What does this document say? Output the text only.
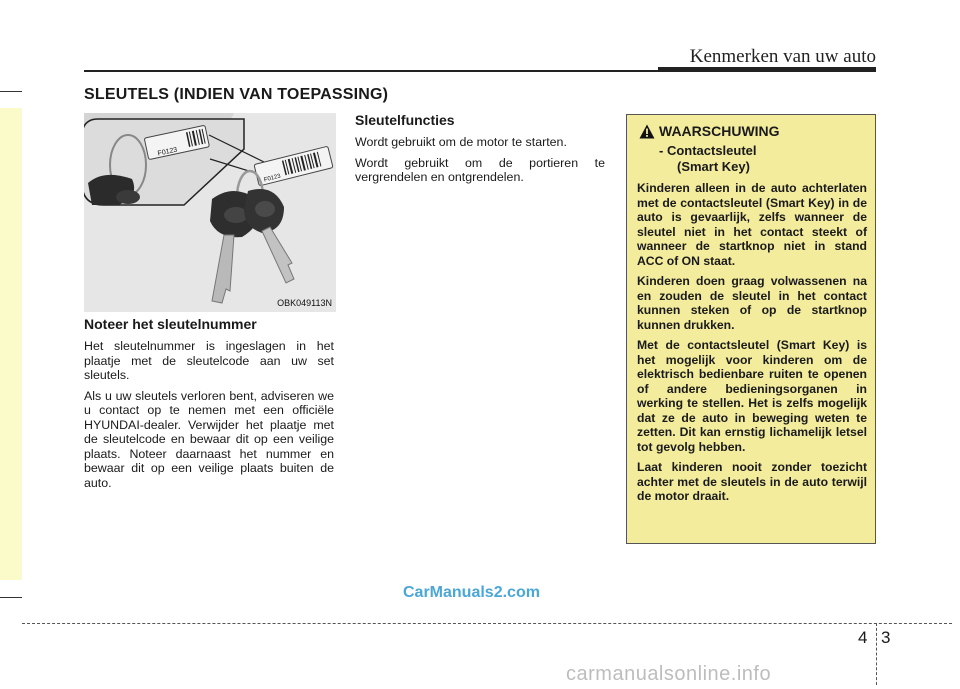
Kenmerken van uw auto
SLEUTELS (INDIEN VAN TOEPASSING)
F0123
F0123
OBK049113N
Noteer het sleutelnummer

Het sleutelnummer is ingeslagen in het plaatje met de sleutelcode aan uw set sleutels.

Als u uw sleutels verloren bent, adviseren we u contact op te nemen met een officiële HYUNDAI-dealer. Verwijder het plaatje met de sleutelcode en bewaar dit op een veilige plaats. Noteer daarnaast het nummer en bewaar dit op een veilige plaats buiten de auto.

Sleutelfuncties

Wordt gebruikt om de motor te starten.

Wordt gebruikt om de portieren te vergrendelen en ontgrendelen.

WAARSCHUWING
- Contactsleutel
(Smart Key)

Kinderen alleen in de auto achterlaten met de contactsleutel (Smart Key) in de auto is gevaarlijk, zelfs wanneer de sleutel niet in het contact steekt of wanneer de startknop niet in stand ACC of ON staat.

Kinderen doen graag volwassenen na en zouden de sleutel in het contact kunnen steken of op de startknop kunnen drukken.

Met de contactsleutel (Smart Key) is het mogelijk voor kinderen om de elektrisch bedienbare ruiten te openen of andere bedieningsorganen in werking te stellen. Het is zelfs mogelijk dat ze de auto in beweging weten te zetten. Dit kan ernstig lichamelijk letsel tot gevolg hebben.

Laat kinderen nooit zonder toezicht achter met de sleutels in de auto terwijl de motor draait.

CarManuals2.com
4 3
carmanualsonline.info
